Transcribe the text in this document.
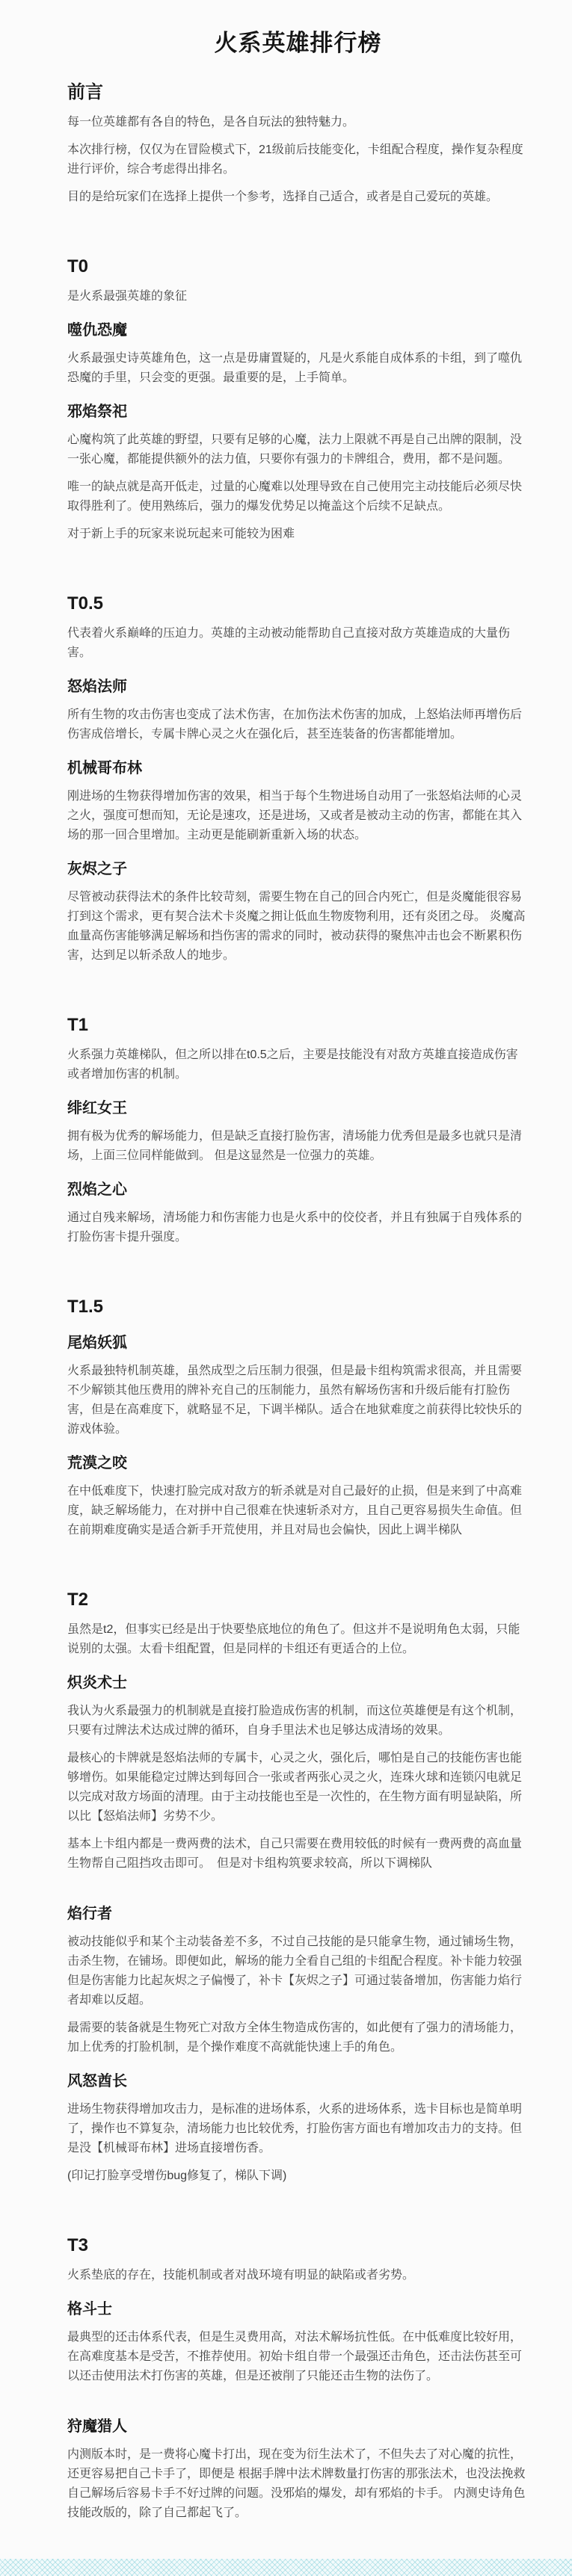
火系英雄排行榜
前言

每一位英雄都有各自的特色，是各自玩法的独特魅力。

本次排行榜，仅仅为在冒险模式下，21级前后技能变化，卡组配合程度，操作复杂程度进行评价，综合考虑得出排名。

目的是给玩家们在选择上提供一个参考，选择自己适合，或者是自己爱玩的英雄。

T0

是火系最强英雄的象征

噬仇恐魔

火系最强史诗英雄角色，这一点是毋庸置疑的，凡是火系能自成体系的卡组，到了噬仇恐魔的手里，只会变的更强。最重要的是，上手简单。

邪焰祭祀

心魔构筑了此英雄的野望，只要有足够的心魔，法力上限就不再是自己出牌的限制，没一张心魔，都能提供额外的法力值，只要你有强力的卡牌组合，费用，都不是问题。

唯一的缺点就是高开低走，过量的心魔难以处理导致在自己使用完主动技能后必须尽快取得胜利了。使用熟练后，强力的爆发优势足以掩盖这个后续不足缺点。

对于新上手的玩家来说玩起来可能较为困难

T0.5

代表着火系巅峰的压迫力。英雄的主动被动能帮助自己直接对敌方英雄造成的大量伤害。

怒焰法师

所有生物的攻击伤害也变成了法术伤害，在加伤法术伤害的加成，上怒焰法师再增伤后伤害成倍增长，专属卡牌心灵之火在强化后，甚至连装备的伤害都能增加。

机械哥布林

刚进场的生物获得增加伤害的效果，相当于每个生物进场自动用了一张怒焰法师的心灵之火，强度可想而知，无论是速攻，还是进场，又或者是被动主动的伤害，都能在其入场的那一回合里增加。主动更是能刷新重新入场的状态。

灰烬之子

尽管被动获得法术的条件比较苛刻，需要生物在自己的回合内死亡，但是炎魔能很容易打到这个需求，更有契合法术卡炎魔之拥让低血生物废物利用，还有炎团之母。 炎魔高血量高伤害能够满足解场和挡伤害的需求的同时，被动获得的聚焦冲击也会不断累积伤害，达到足以斩杀敌人的地步。

T1

火系强力英雄梯队，但之所以排在t0.5之后，主要是技能没有对敌方英雄直接造成伤害或者增加伤害的机制。

绯红女王

拥有极为优秀的解场能力，但是缺乏直接打脸伤害，清场能力优秀但是最多也就只是清场，上面三位同样能做到。 但是这显然是一位强力的英雄。

烈焰之心

通过自残来解场，清场能力和伤害能力也是火系中的佼佼者，并且有独属于自残体系的打脸伤害卡提升强度。

T1.5
尾焰妖狐

火系最独特机制英雄，虽然成型之后压制力很强，但是最卡组构筑需求很高，并且需要不少解锁其他压费用的牌补充自己的压制能力，虽然有解场伤害和升级后能有打脸伤害，但是在高难度下，就略显不足，下调半梯队。适合在地狱难度之前获得比较快乐的游戏体验。

荒漠之咬

在中低难度下，快速打脸完成对敌方的斩杀就是对自己最好的止损，但是来到了中高难度，缺乏解场能力，在对拼中自己很难在快速斩杀对方，且自己更容易损失生命值。但在前期难度确实是适合新手开荒使用，并且对局也会偏快，因此上调半梯队

T2

虽然是t2，但事实已经是出于快要垫底地位的角色了。但这并不是说明角色太弱，只能说别的太强。太看卡组配置，但是同样的卡组还有更适合的上位。

炽炎术士

我认为火系最强力的机制就是直接打脸造成伤害的机制，而这位英雄便是有这个机制，只要有过牌法术达成过牌的循环，自身手里法术也足够达成清场的效果。

最核心的卡牌就是怒焰法师的专属卡，心灵之火，强化后，哪怕是自己的技能伤害也能够增伤。如果能稳定过牌达到每回合一张或者两张心灵之火，连珠火球和连锁闪电就足以完成对敌方场面的清理。由于主动技能也至是一次性的，在生物方面有明显缺陷，所以比【怒焰法师】劣势不少。

基本上卡组内都是一费两费的法术，自己只需要在费用较低的时候有一费两费的高血量生物帮自己阻挡攻击即可。　但是对卡组构筑要求较高，所以下调梯队

焰行者

被动技能似乎和某个主动装备差不多，不过自己技能的是只能拿生物，通过铺场生物，击杀生物，在铺场。即便如此，解场的能力全看自己组的卡组配合程度。补卡能力较强但是伤害能力比起灰烬之子偏慢了，补卡【灰烬之子】可通过装备增加，伤害能力焰行者却难以反超。

最需要的装备就是生物死亡对敌方全体生物造成伤害的，如此便有了强力的清场能力，加上优秀的打脸机制，是个操作难度不高就能快速上手的角色。

风怒酋长

进场生物获得增加攻击力，是标准的进场体系，火系的进场体系，选卡目标也是简单明了，操作也不算复杂，清场能力也比较优秀，打脸伤害方面也有增加攻击力的支持。但是没【机械哥布林】进场直接增伤香。

(印记打脸享受增伤bug修复了，梯队下调)

T3

火系垫底的存在，技能机制或者对战环境有明显的缺陷或者劣势。

格斗士

最典型的还击体系代表，但是生灵费用高，对法术解场抗性低。在中低难度比较好用，在高难度基本是受苦，不推荐使用。初始卡组自带一个最强还击角色，还击法伤甚至可以还击使用法术打伤害的英雄，但是还被削了只能还击生物的法伤了。

狩魔猎人

内测版本时，是一费将心魔卡打出，现在变为衍生法术了，不但失去了对心魔的抗性，还更容易把自己卡手了，即便是 根据手牌中法术牌数量打伤害的那张法术，也没法挽救自己解场后容易卡手不好过牌的问题。没邪焰的爆发，却有邪焰的卡手。 内测史诗角色技能改版的，除了自己都起飞了。
